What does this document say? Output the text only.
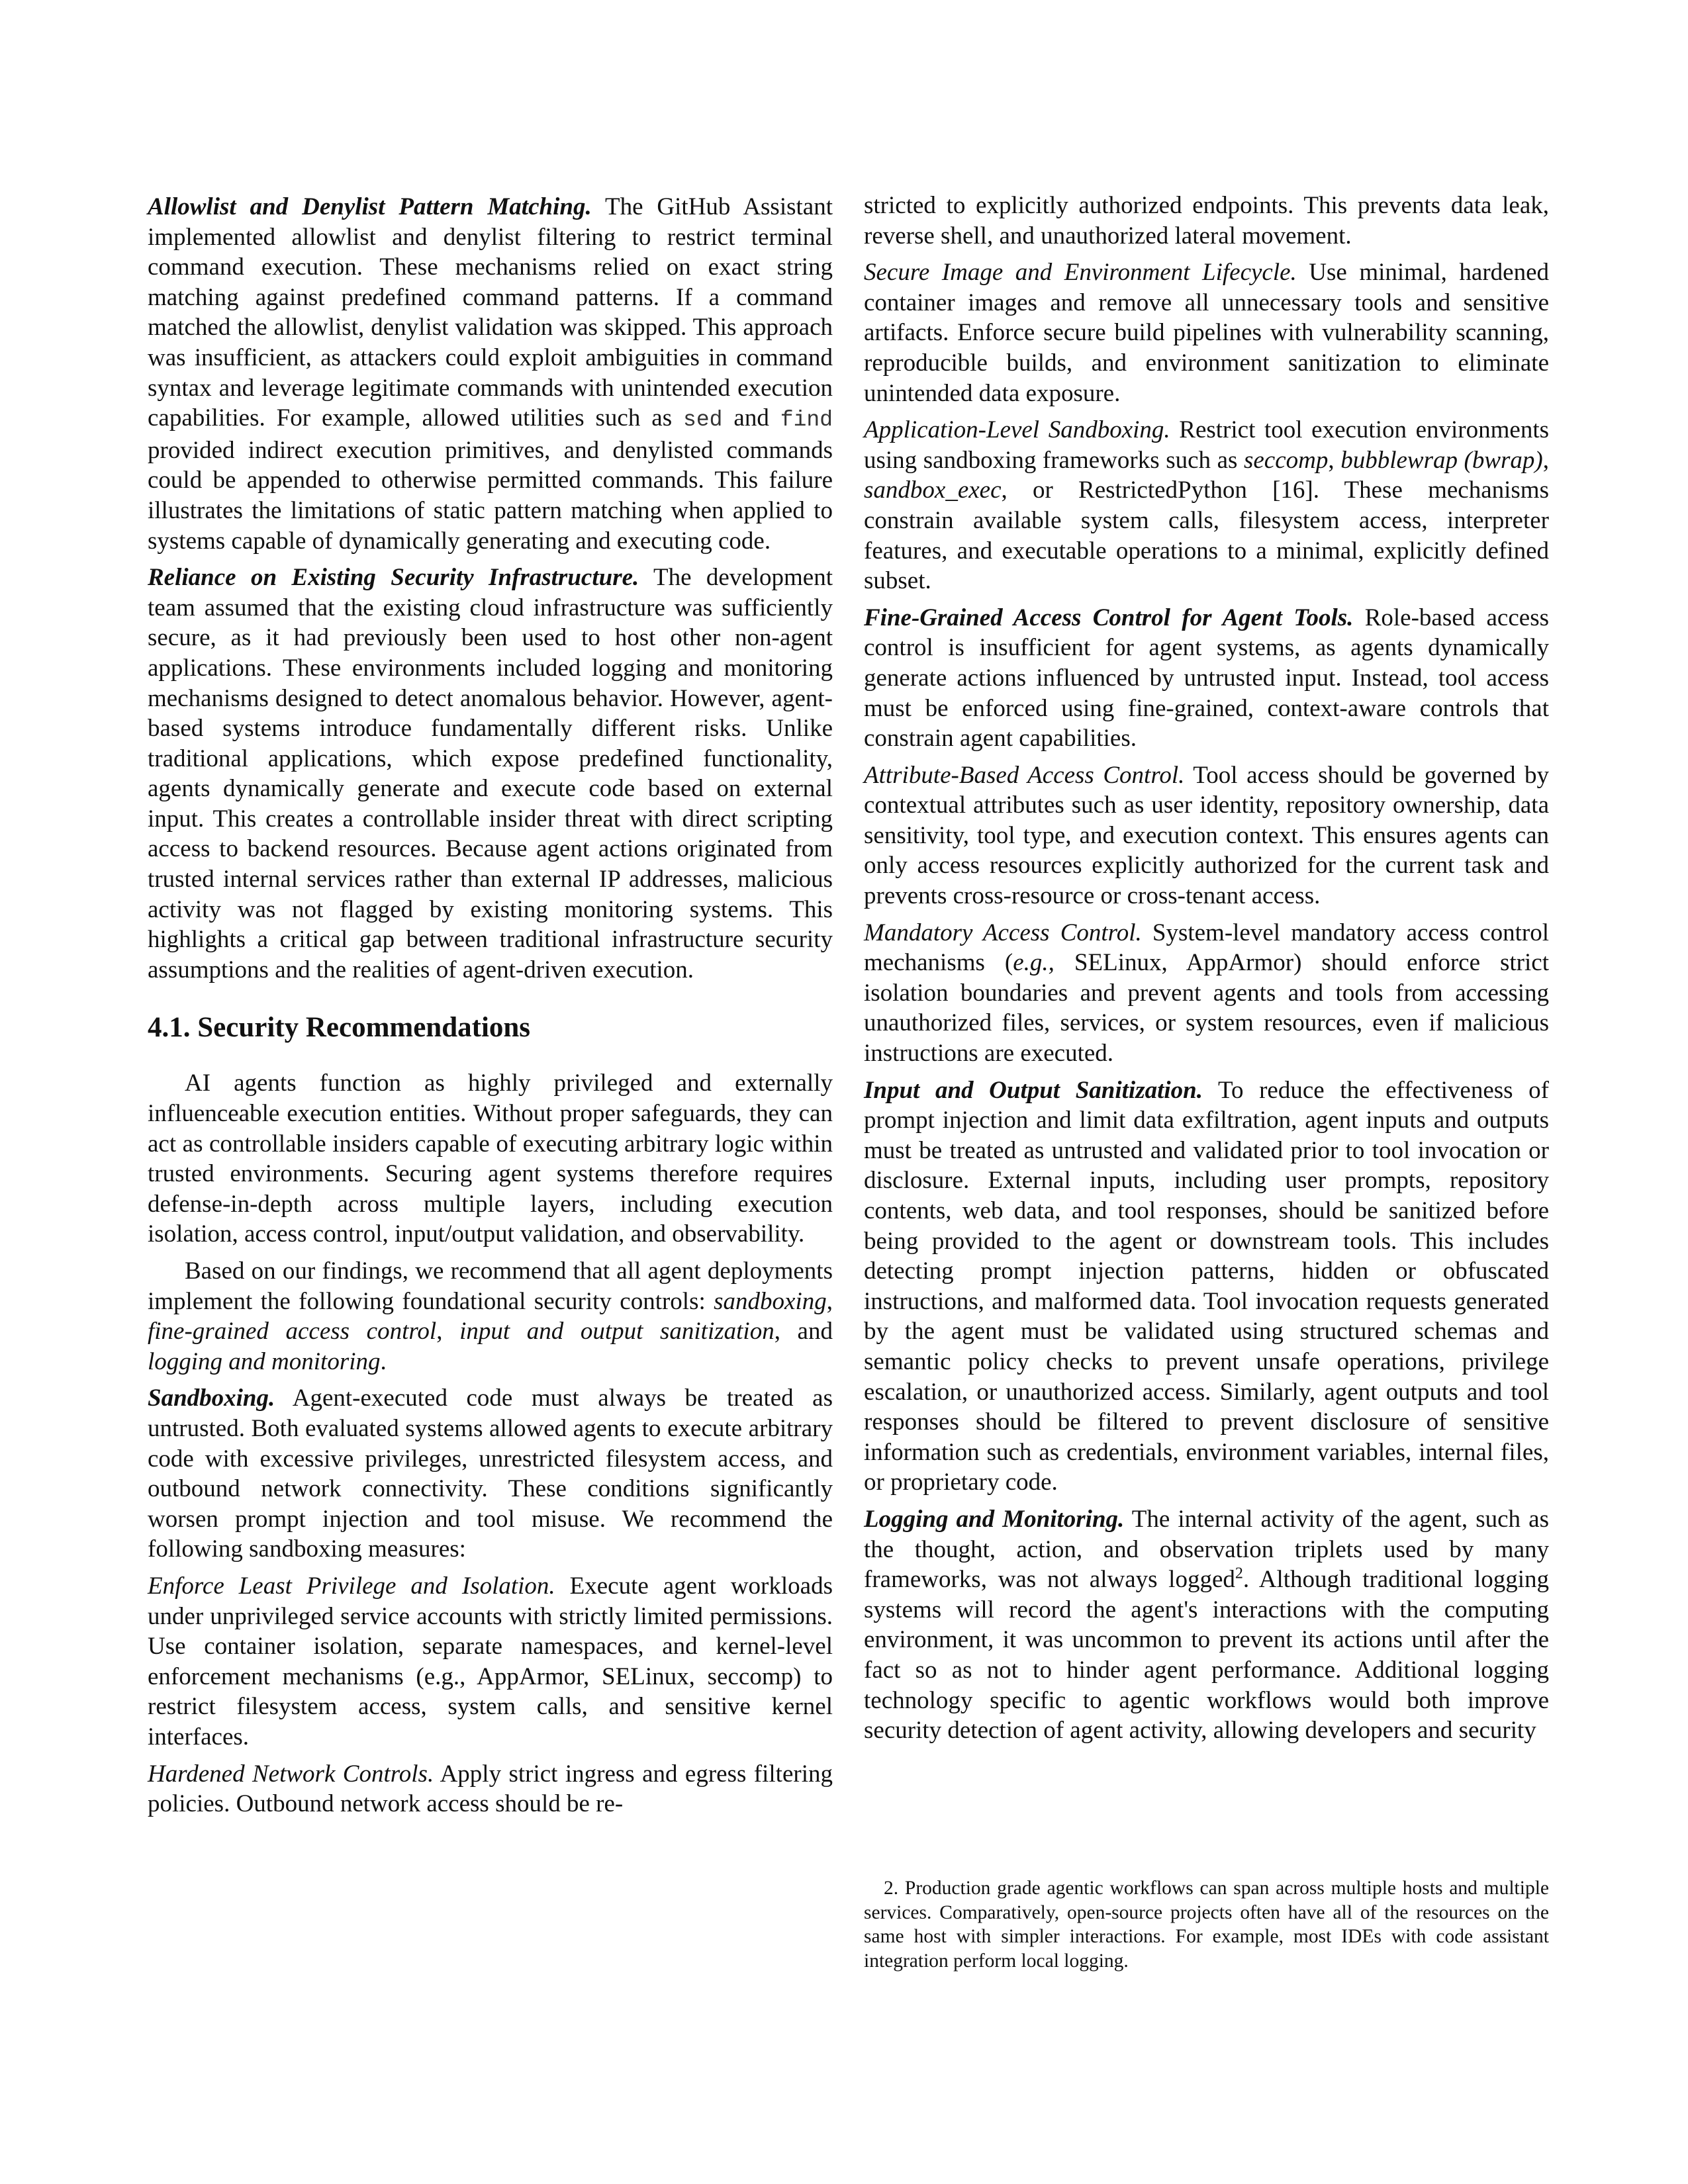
Allowlist and Denylist Pattern Matching. The GitHub Assistant implemented allowlist and denylist filtering to restrict terminal command execution. These mechanisms relied on exact string matching against predefined command patterns. If a command matched the allowlist, denylist validation was skipped. This approach was insufficient, as attackers could exploit ambiguities in command syntax and leverage legitimate commands with unintended execution capabilities. For example, allowed utilities such as sed and find provided indirect execution primitives, and denylisted commands could be appended to otherwise permitted commands. This failure illustrates the limitations of static pattern matching when applied to systems capable of dynamically generating and executing code.

Reliance on Existing Security Infrastructure. The development team assumed that the existing cloud infrastructure was sufficiently secure, as it had previously been used to host other non-agent applications. These environments included logging and monitoring mechanisms designed to detect anomalous behavior. However, agent-based systems introduce fundamentally different risks. Unlike traditional applications, which expose predefined functionality, agents dynamically generate and execute code based on external input. This creates a controllable insider threat with direct scripting access to backend resources. Because agent actions originated from trusted internal services rather than external IP addresses, malicious activity was not flagged by existing monitoring systems. This highlights a critical gap between traditional infrastructure security assumptions and the realities of agent-driven execution.

4.1. Security Recommendations

AI agents function as highly privileged and externally influenceable execution entities. Without proper safeguards, they can act as controllable insiders capable of executing arbitrary logic within trusted environments. Securing agent systems therefore requires defense-in-depth across multiple layers, including execution isolation, access control, input/output validation, and observability.

Based on our findings, we recommend that all agent deployments implement the following foundational security controls: sandboxing, fine-grained access control, input and output sanitization, and logging and monitoring.

Sandboxing. Agent-executed code must always be treated as untrusted. Both evaluated systems allowed agents to execute arbitrary code with excessive privileges, unrestricted filesystem access, and outbound network connectivity. These conditions significantly worsen prompt injection and tool misuse. We recommend the following sandboxing measures:

Enforce Least Privilege and Isolation. Execute agent workloads under unprivileged service accounts with strictly limited permissions. Use container isolation, separate namespaces, and kernel-level enforcement mechanisms (e.g., AppArmor, SELinux, seccomp) to restrict filesystem access, system calls, and sensitive kernel interfaces.

Hardened Network Controls. Apply strict ingress and egress filtering policies. Outbound network access should be re-

stricted to explicitly authorized endpoints. This prevents data leak, reverse shell, and unauthorized lateral movement.

Secure Image and Environment Lifecycle. Use minimal, hardened container images and remove all unnecessary tools and sensitive artifacts. Enforce secure build pipelines with vulnerability scanning, reproducible builds, and environment sanitization to eliminate unintended data exposure.

Application-Level Sandboxing. Restrict tool execution environments using sandboxing frameworks such as seccomp, bubblewrap (bwrap), sandbox_exec, or RestrictedPython [16]. These mechanisms constrain available system calls, filesystem access, interpreter features, and executable operations to a minimal, explicitly defined subset.

Fine-Grained Access Control for Agent Tools. Role-based access control is insufficient for agent systems, as agents dynamically generate actions influenced by untrusted input. Instead, tool access must be enforced using fine-grained, context-aware controls that constrain agent capabilities.

Attribute-Based Access Control. Tool access should be governed by contextual attributes such as user identity, repository ownership, data sensitivity, tool type, and execution context. This ensures agents can only access resources explicitly authorized for the current task and prevents cross-resource or cross-tenant access.

Mandatory Access Control. System-level mandatory access control mechanisms (e.g., SELinux, AppArmor) should enforce strict isolation boundaries and prevent agents and tools from accessing unauthorized files, services, or system resources, even if malicious instructions are executed.

Input and Output Sanitization. To reduce the effectiveness of prompt injection and limit data exfiltration, agent inputs and outputs must be treated as untrusted and validated prior to tool invocation or disclosure. External inputs, including user prompts, repository contents, web data, and tool responses, should be sanitized before being provided to the agent or downstream tools. This includes detecting prompt injection patterns, hidden or obfuscated instructions, and malformed data. Tool invocation requests generated by the agent must be validated using structured schemas and semantic policy checks to prevent unsafe operations, privilege escalation, or unauthorized access. Similarly, agent outputs and tool responses should be filtered to prevent disclosure of sensitive information such as credentials, environment variables, internal files, or proprietary code.

Logging and Monitoring. The internal activity of the agent, such as the thought, action, and observation triplets used by many frameworks, was not always logged$^2$. Although traditional logging systems will record the agent's interactions with the computing environment, it was uncommon to prevent its actions until after the fact so as not to hinder agent performance. Additional logging technology specific to agentic workflows would both improve security detection of agent activity, allowing developers and security

2. Production grade agentic workflows can span across multiple hosts and multiple services. Comparatively, open-source projects often have all of the resources on the same host with simpler interactions. For example, most IDEs with code assistant integration perform local logging.
